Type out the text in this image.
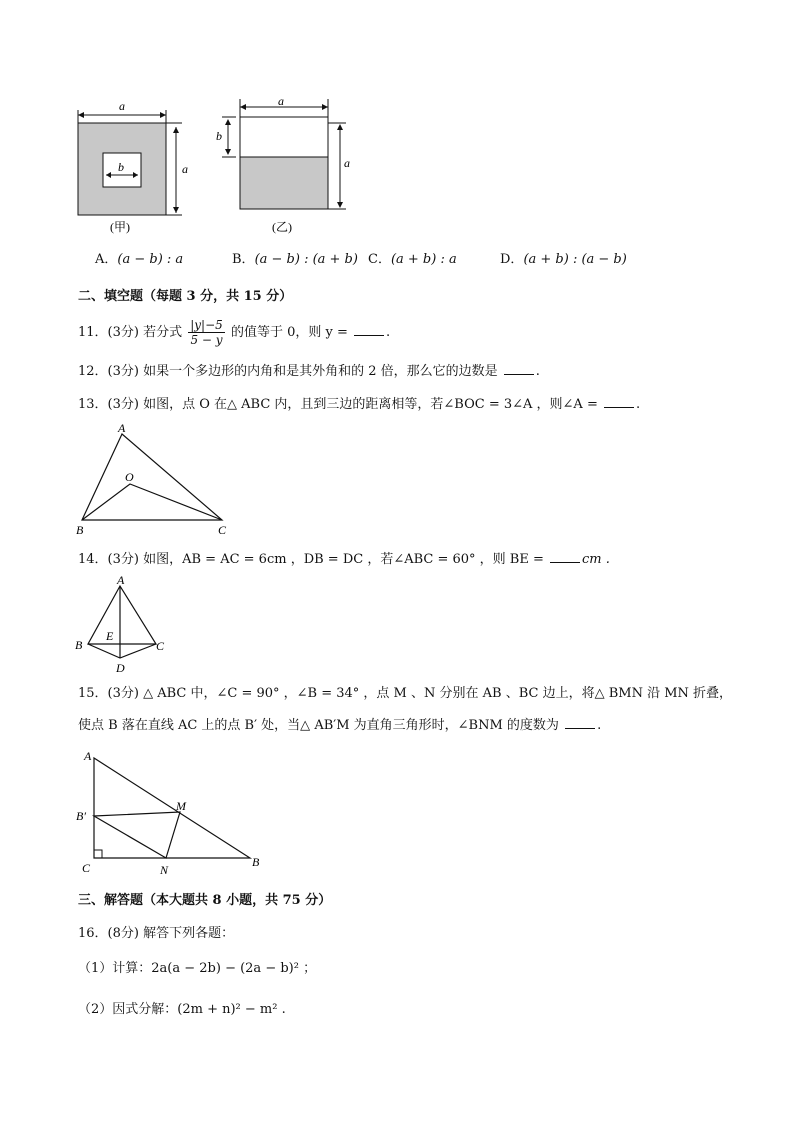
a
b	a
(甲)
a
b
a
(乙)
A．(a − b) : a	B．(a − b) : (a + b) C．(a + b) : a	D．(a + b) : (a − b)
二、填空题（每题 3 分，共 15 分）
11．(3分) 若分式 $\frac{|y|-5}{5 - y}$ 的值等于 0，则 y =	.
12．(3分) 如果一个多边形的内角和是其外角和的 2 倍，那么它的边数是	.
13．(3分) 如图，点 O 在△ ABC 内，且到三边的距离相等，若∠BOC = 3∠A ，则∠A =	.
A
O
B	C
14．(3分) 如图，AB = AC = 6cm ，DB = DC ，若∠ABC = 60° ，则 BE =	cm .
A
E
B	C
D
15．(3分) △ ABC 中，∠C = 90° ，∠B = 34° ，点 M 、N 分别在 AB 、BC 边上，将△ BMN 沿 MN 折叠，
使点 B 落在直线 AC 上的点 B′ 处，当△ AB′M 为直角三角形时，∠BNM 的度数为	.
A
B′
M
C	N
B
三、解答题（本大题共 8 小题，共 75 分）
16．(8分) 解答下列各题：
（1）计算：2a(a − 2b) − (2a − b)² ；
（2）因式分解：(2m + n)² − m² .
